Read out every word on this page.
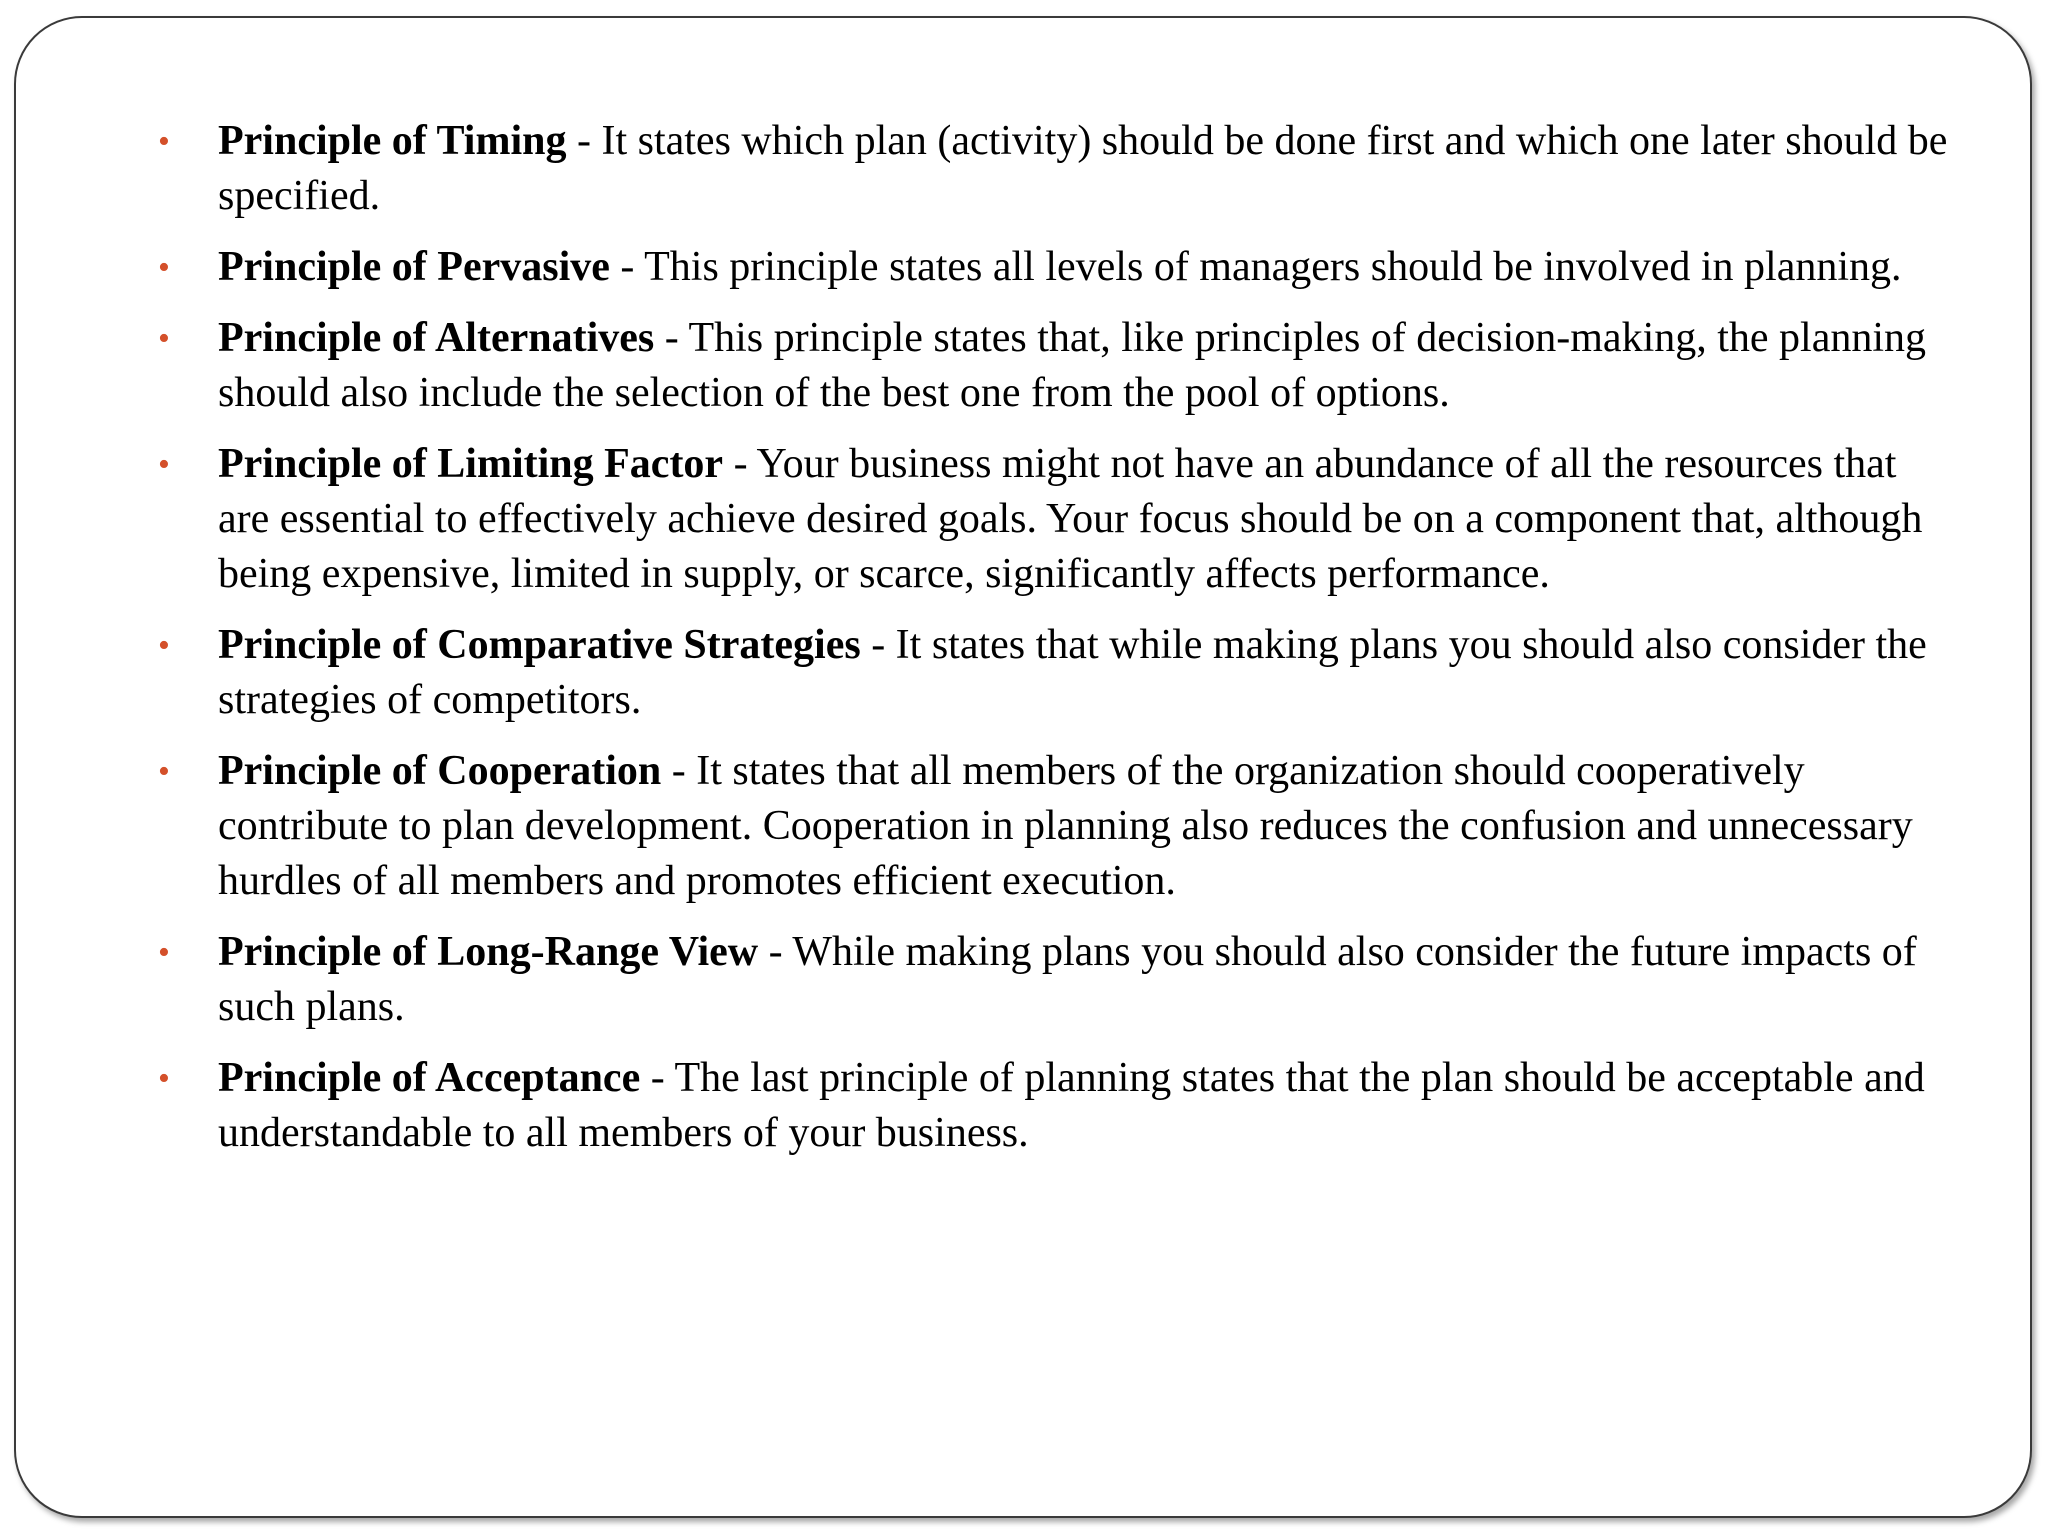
• Principle of Timing - It states which plan (activity) should be done first and which one later should be specified.
• Principle of Pervasive - This principle states all levels of managers should be involved in planning.
• Principle of Alternatives - This principle states that, like principles of decision-making, the planning should also include the selection of the best one from the pool of options.
• Principle of Limiting Factor - Your business might not have an abundance of all the resources that are essential to effectively achieve desired goals. Your focus should be on a component that, although being expensive, limited in supply, or scarce, significantly affects performance.
• Principle of Comparative Strategies - It states that while making plans you should also consider the strategies of competitors.
• Principle of Cooperation - It states that all members of the organization should cooperatively contribute to plan development. Cooperation in planning also reduces the confusion and unnecessary hurdles of all members and promotes efficient execution.
• Principle of Long-Range View - While making plans you should also consider the future impacts of such plans.
• Principle of Acceptance - The last principle of planning states that the plan should be acceptable and understandable to all members of your business.
